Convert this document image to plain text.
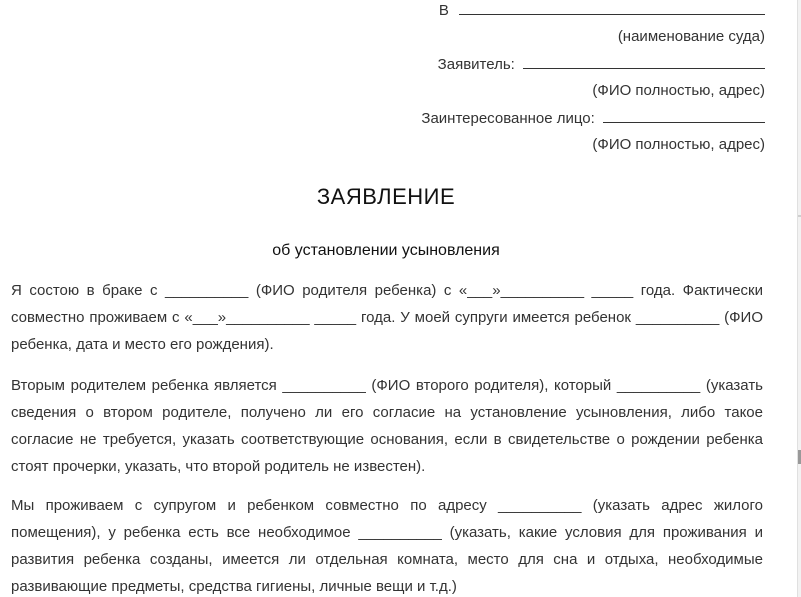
В
(наименование суда)
Заявитель:
(ФИО полностью, адрес)
Заинтересованное лицо:
(ФИО полностью, адрес)
ЗАЯВЛЕНИЕ
об установлении усыновления

Я состою в браке с __________ (ФИО родителя ребенка) с «___»__________ _____ года. Фактически совместно проживаем с «___»__________ _____ года. У моей супруги имеется ребенок __________ (ФИО ребенка, дата и место его рождения).

Вторым родителем ребенка является __________ (ФИО второго родителя), который __________ (указать сведения о втором родителе, получено ли его согласие на установление усыновления, либо такое согласие не требуется, указать соответствующие основания, если в свидетельстве о рождении ребенка стоят прочерки, указать, что второй родитель не известен).

Мы проживаем с супругом и ребенком совместно по адресу __________ (указать адрес жилого помещения), у ребенка есть все необходимое __________ (указать, какие условия для проживания и развития ребенка созданы, имеется ли отдельная комната, место для сна и отдыха, необходимые развивающие предметы, средства гигиены, личные вещи и т.д.)
